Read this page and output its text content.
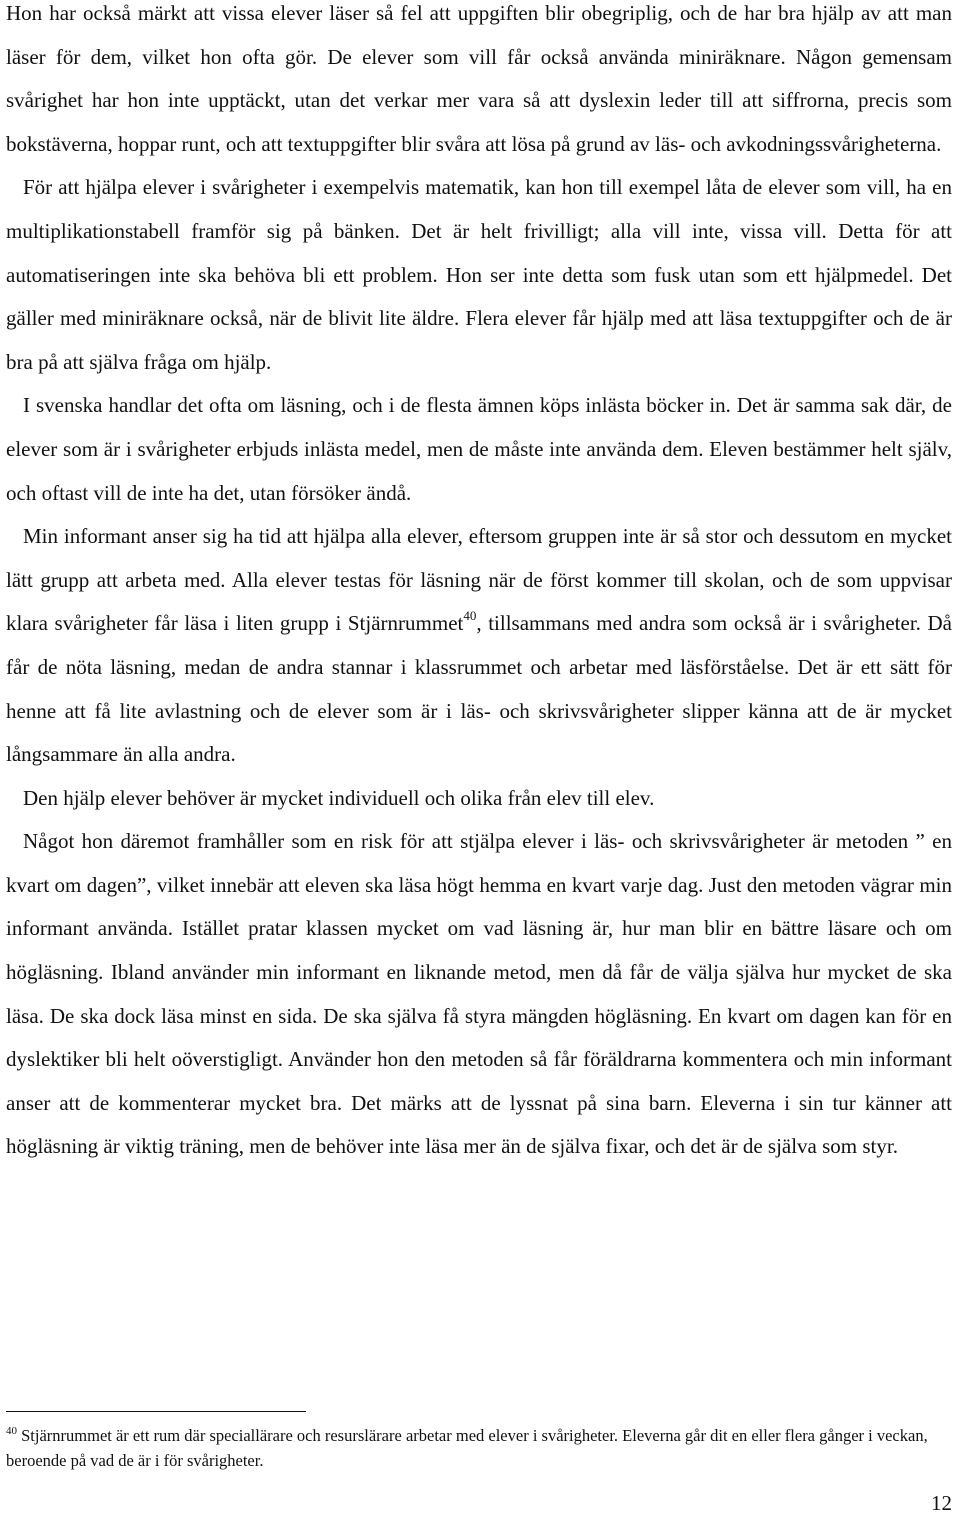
Hon har också märkt att vissa elever läser så fel att uppgiften blir obegriplig, och de har bra hjälp av att man läser för dem, vilket hon ofta gör. De elever som vill får också använda miniräknare. Någon gemensam svårighet har hon inte upptäckt, utan det verkar mer vara så att dyslexin leder till att siffrorna, precis som bokstäverna, hoppar runt, och att textuppgifter blir svåra att lösa på grund av läs- och avkodningssvårigheterna.

För att hjälpa elever i svårigheter i exempelvis matematik, kan hon till exempel låta de elever som vill, ha en multiplikationstabell framför sig på bänken. Det är helt frivilligt; alla vill inte, vissa vill. Detta för att automatiseringen inte ska behöva bli ett problem. Hon ser inte detta som fusk utan som ett hjälpmedel. Det gäller med miniräknare också, när de blivit lite äldre. Flera elever får hjälp med att läsa textuppgifter och de är bra på att själva fråga om hjälp.

I svenska handlar det ofta om läsning, och i de flesta ämnen köps inlästa böcker in. Det är samma sak där, de elever som är i svårigheter erbjuds inlästa medel, men de måste inte använda dem. Eleven bestämmer helt själv, och oftast vill de inte ha det, utan försöker ändå.

Min informant anser sig ha tid att hjälpa alla elever, eftersom gruppen inte är så stor och dessutom en mycket lätt grupp att arbeta med. Alla elever testas för läsning när de först kommer till skolan, och de som uppvisar klara svårigheter får läsa i liten grupp i Stjärnrummet$^{40}$, tillsammans med andra som också är i svårigheter. Då får de nöta läsning, medan de andra stannar i klassrummet och arbetar med läsförståelse. Det är ett sätt för henne att få lite avlastning och de elever som är i läs- och skrivsvårigheter slipper känna att de är mycket långsammare än alla andra.

Den hjälp elever behöver är mycket individuell och olika från elev till elev.

Något hon däremot framhåller som en risk för att stjälpa elever i läs- och skrivsvårigheter är metoden ” en kvart om dagen”, vilket innebär att eleven ska läsa högt hemma en kvart varje dag. Just den metoden vägrar min informant använda. Istället pratar klassen mycket om vad läsning är, hur man blir en bättre läsare och om högläsning. Ibland använder min informant en liknande metod, men då får de välja själva hur mycket de ska läsa. De ska dock läsa minst en sida. De ska själva få styra mängden högläsning. En kvart om dagen kan för en dyslektiker bli helt oöverstigligt. Använder hon den metoden så får föräldrarna kommentera och min informant anser att de kommenterar mycket bra. Det märks att de lyssnat på sina barn. Eleverna i sin tur känner att högläsning är viktig träning, men de behöver inte läsa mer än de själva fixar, och det är de själva som styr.

$^{40}$ Stjärnrummet är ett rum där speciallärare och resurslärare arbetar med elever i svårigheter. Eleverna går dit en eller flera gånger i veckan, beroende på vad de är i för svårigheter.

12
